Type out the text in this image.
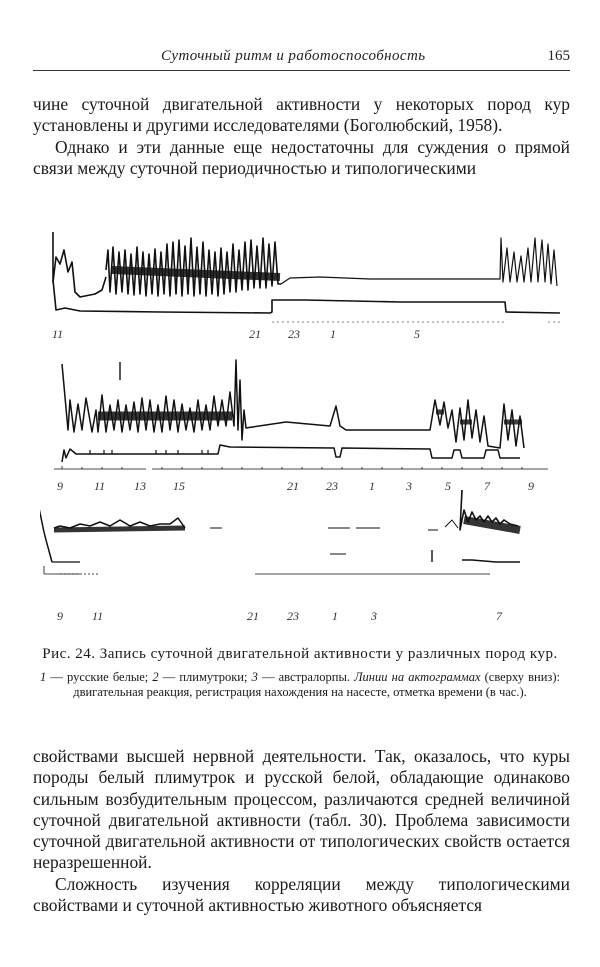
Суточный ритм и работоспособность	165

чине суточной двигательной активности у некоторых пород кур установлены и другими исследователями (Боголюбский, 1958).

Однако и эти данные еще недостаточны для суждения о прямой связи между суточной периодичностью и типологическими

11	21 23	1	5
9	11 13 15	21 23	1	3	5	7	9
9 11	21 23	1	3	7
Рис. 24. Запись суточной двигательной активности у различных пород кур.
1 — русские белые; 2 — плимутроки; 3 — австралорпы. Линии на актограммах (сверху вниз): двигательная реакция, регистрация нахождения на насесте, отметка времени (в час.).

свойствами высшей нервной деятельности. Так, оказалось, что куры породы белый плимутрок и русской белой, обладающие одинаково сильным возбудительным процессом, различаются средней величиной суточной двигательной активности (табл. 30). Проблема зависимости суточной двигательной активности от типологических свойств остается неразрешенной.

Сложность изучения корреляции между типологическими свойствами и суточной активностью животного объясняется
